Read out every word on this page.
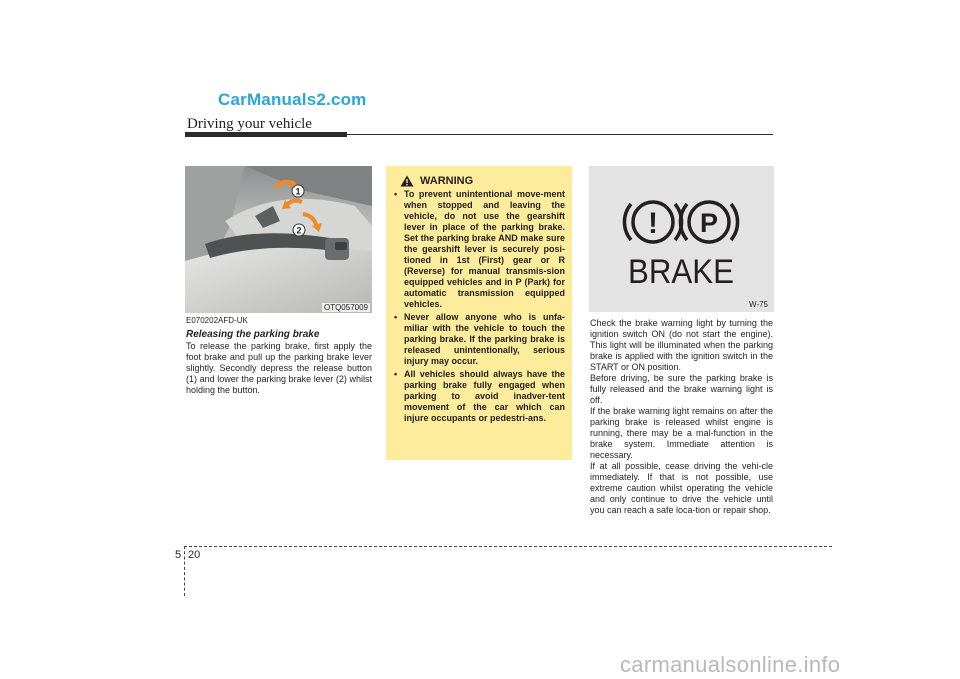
CarManuals2.com
Driving your vehicle
1
2
OTQ057009

E070202AFD-UK

Releasing the parking brake

To release the parking brake, first apply the foot brake and pull up the parking brake lever slightly. Secondly depress the release button (1) and lower the parking brake lever (2) whilst holding the button.

WARNING
• To prevent unintentional move-ment when stopped and leaving the vehicle, do not use the gearshift lever in place of the parking brake. Set the parking brake AND make sure the gearshift lever is securely posi-tioned in 1st (First) gear or R (Reverse) for manual transmis-sion equipped vehicles and in P (Park) for automatic transmission equipped vehicles.
• Never allow anyone who is unfa-miliar with the vehicle to touch the parking brake. If the parking brake is released unintentionally, serious injury may occur.
• All vehicles should always have the parking brake fully engaged when parking to avoid inadver-tent movement of the car which can injure occupants or pedestri-ans.
! P
BRAKE
W-75

Check the brake warning light by turning the ignition switch ON (do not start the engine). This light will be illuminated when the parking brake is applied with the ignition switch in the START or ON position.

Before driving, be sure the parking brake is fully released and the brake warning light is off.

If the brake warning light remains on after the parking brake is released whilst engine is running, there may be a mal-function in the brake system. Immediate attention is necessary.

If at all possible, cease driving the vehi-cle immediately. If that is not possible, use extreme caution whilst operating the vehicle and only continue to drive the vehicle until you can reach a safe loca-tion or repair shop.

5 20
carmanualsonline.info
